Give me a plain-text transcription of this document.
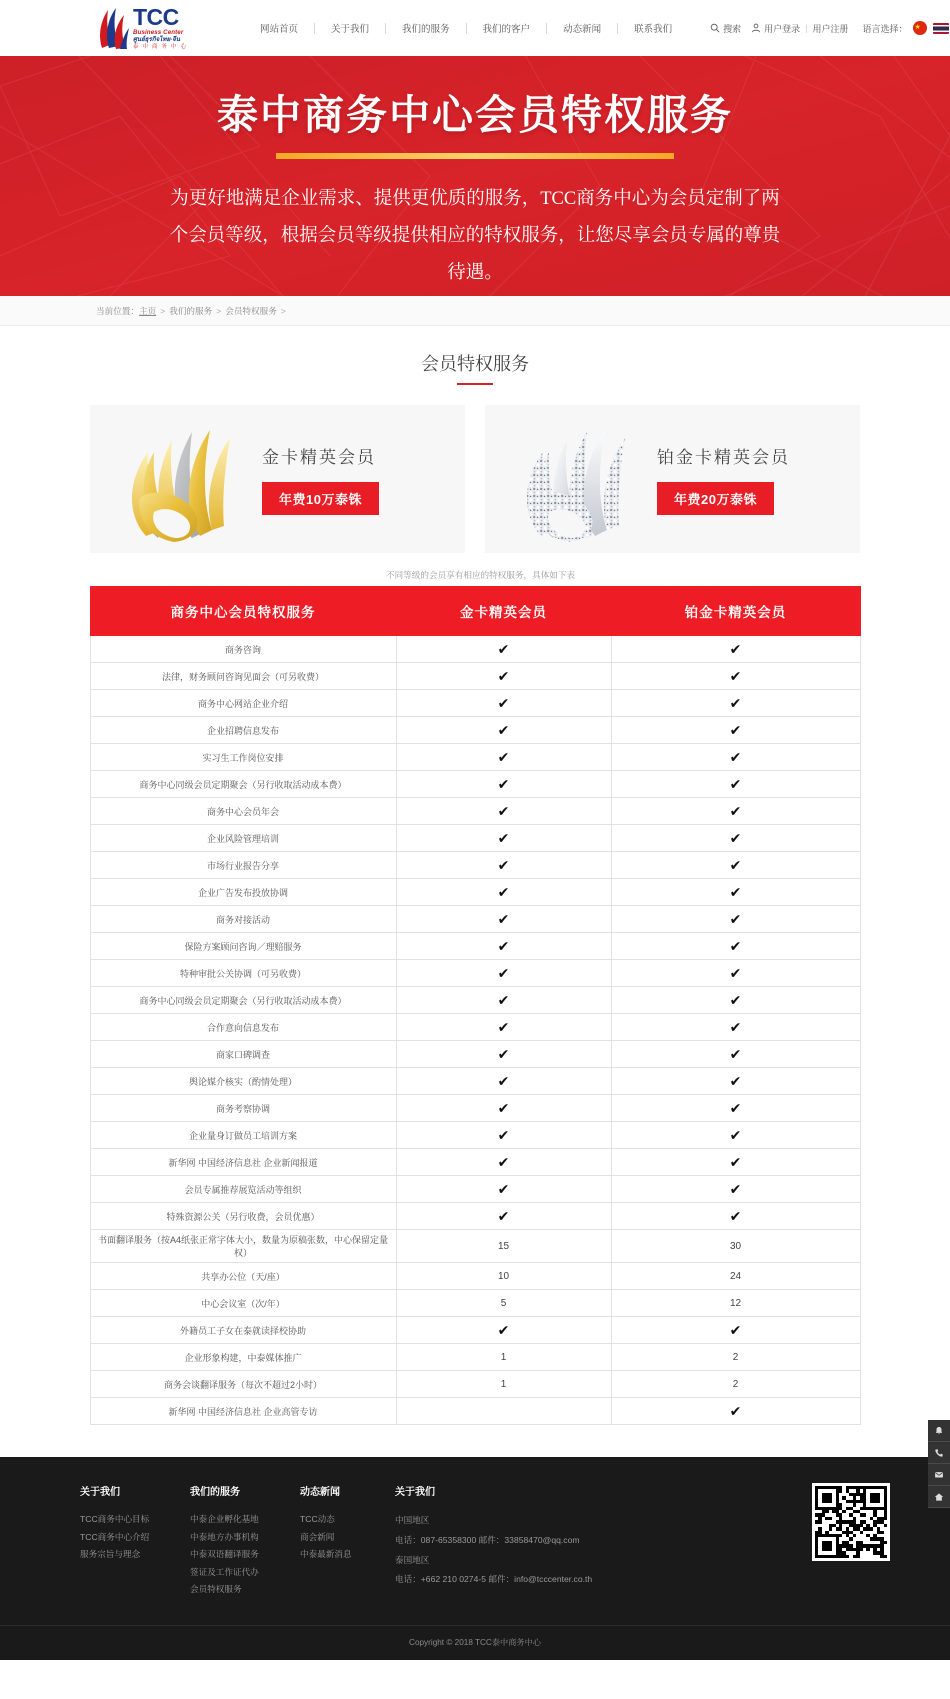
TCC
Business Center
ศูนย์ธุรกิจไทย-จีน
泰 中 商 务 中 心
网站首页	关于我们	我们的服务	我们的客户	动态新闻	联系我们	搜索	用户登录 | 用户注册 语言选择：
★
泰中商务中心会员特权服务

为更好地满足企业需求、提供更优质的服务，TCC商务中心为会员定制了两个会员等级，根据会员等级提供相应的特权服务，让您尽享会员专属的尊贵待遇。

当前位置：主页 > 我们的服务 > 会员特权服务 >
会员特权服务
金卡精英会员
年费10万泰铢
铂金卡精英会员
年费20万泰铢
不同等级的会员享有相应的特权服务，具体如下表
商务中心会员特权服务	金卡精英会员	铂金卡精英会员
商务咨询	✔	✔
法律，财务顾问咨询见面会（可另收费）	✔	✔
商务中心网站企业介绍	✔	✔
企业招聘信息发布	✔	✔
实习生工作岗位安排	✔	✔
商务中心同级会员定期聚会（另行收取活动成本费）	✔	✔
商务中心会员年会	✔	✔
企业风险管理培训	✔	✔
市场行业报告分享	✔	✔
企业广告发布投放协调	✔	✔
商务对接活动	✔	✔
保险方案顾问咨询／理赔服务	✔	✔
特种审批公关协调（可另收费）	✔	✔
商务中心同级会员定期聚会（另行收取活动成本费）	✔	✔
合作意向信息发布	✔	✔
商家口碑调查	✔	✔
舆论媒介核实（酌情处理）	✔	✔
商务考察协调	✔	✔
企业量身订做员工培训方案	✔	✔
新华网 中国经济信息社 企业新闻报道	✔	✔
会员专属推荐展览活动等组织	✔	✔
特殊资源公关（另行收费，会员优惠）	✔	✔
书面翻译服务（按A4纸张正常字体大小，数量为原稿张数，中心保留定量权）	15	30
共享办公位（天/座）	10	24
中心会议室（次/年）	5	12
外籍员工子女在泰就读择校协助	✔	✔
企业形象构建，中泰媒体推广	1	2
商务会谈翻译服务（每次不超过2小时）	1	2
新华网 中国经济信息社 企业高管专访		✔
关于我们
TCC商务中心目标
TCC商务中心介绍
服务宗旨与理念
我们的服务
中泰企业孵化基地
中泰地方办事机构
中泰双语翻译服务
签证及工作证代办
会员特权服务
动态新闻
TCC动态
商会新闻
中泰最新消息
关于我们
中国地区
电话：087-65358300 邮件：33858470@qq.com
泰国地区
电话：+662 210 0274-5 邮件：info@tcccenter.co.th
Copyright © 2018 TCC泰中商务中心
